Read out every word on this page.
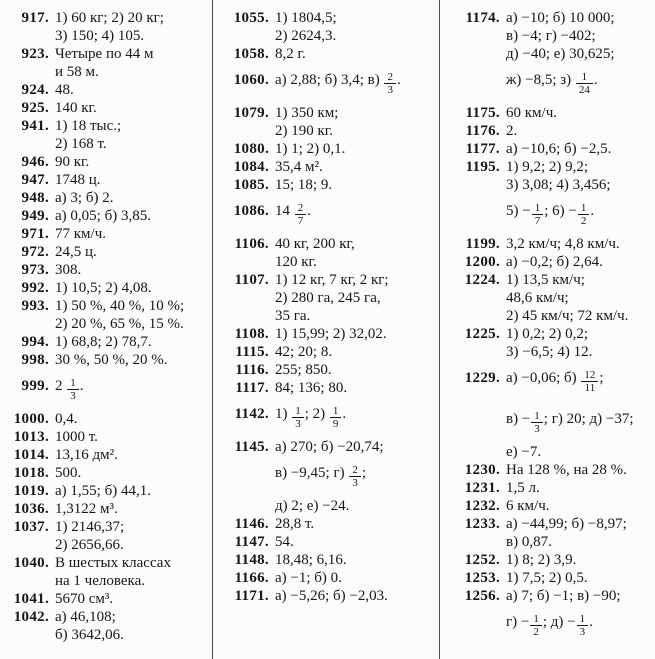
917. 1) 60 кг; 2) 20 кг;
3) 150; 4) 105.
923. Четыре по 44 м
и 58 м.
924. 48.
925. 140 кг.
941. 1) 18 тыс.;
2) 168 т.
946. 90 кг.
947. 1748 ц.
948. а) 3; б) 2.
949. а) 0,05; б) 3,85.
971. 77 км/ч.
972. 24,5 ц.
973. 308.
992. 1) 10,5; 2) 4,08.
993. 1) 50 %, 40 %, 10 %;
2) 20 %, 65 %, 15 %.
994. 1) 68,8; 2) 78,7.
998. 30 %, 50 %, 20 %.
999. $2 \frac{1}{3}$ .
1000. 0,4.
1013. 1000 т.
1014. 13,16 дм².
1018. 500.
1019. а) 1,55; б) 44,1.
1036. 1,3122 м³.
1037. 1) 2146,37;
2) 2656,66.
1040. В шестых классах
на 1 человека.
1041. 5670 см³.
1042. а) 46,108;
б) 3642,06.
1055. 1) 1804,5;
2) 2624,3.
1058. 8,2 г.
1060. а) 2,88; б) 3,4; $в) \frac{2}{3}$ .
1079. 1) 350 км;
2) 190 кг.
1080. 1) 1; 2) 0,1.
1084. 35,4 м².
1085. 15; 18; 9.
1086. $14 \frac{2}{7}$ .
1106. 40 кг, 200 кг,
120 кг.
1107. 1) 12 кг, 7 кг, 2 кг;
2) 280 га, 245 га,
35 га.
1108. 1) 15,99; 2) 32,02.
1115. 42; 20; 8.
1116. 255; 850.
1117. 84; 136; 80.
1142. $1) \frac{1}{3}$ ; $2) \frac{1}{9}$ .
1145. а) 270; б) −20,74;
в) −9,45; $г) \frac{2}{3}$ ;
д) 2; е) −24.
1146. 28,8 т.
1147. 54.
1148. 18,48; 6,16.
1166. а) −1; б) 0.
1171. а) −5,26; б) −2,03.
1174. а) −10; б) 10 000;
в) −4; г) −402;
д) −40; е) 30,625;
ж) −8,5; $з) \frac{1}{24}$ .
1175. 60 км/ч.
1176. 2.
1177. а) −10,6; б) −2,5.
1195. 1) 9,2; 2) 9,2;
3) 3,08; 4) 3,456;
$5) - \frac{1}{7}$ ; $6) - \frac{1}{2}$ .
1199. 3,2 км/ч; 4,8 км/ч.
1200. а) −0,2; б) 2,64.
1224. 1) 13,5 км/ч;
48,6 км/ч;
2) 45 км/ч; 72 км/ч.
1225. 1) 0,2; 2) 0,2;
3) −6,5; 4) 12.
1229. а) −0,06; $б) \frac{12}{11}$ ;
$в) - \frac{1}{3}$ ; г) 20; д) −37;
е) −7.
1230. На 128 %, на 28 %.
1231. 1,5 л.
1232. 6 км/ч.
1233. а) −44,99; б) −8,97;
в) 0,87.
1252. 1) 8; 2) 3,9.
1253. 1) 7,5; 2) 0,5.
1256. а) 7; б) −1; в) −90;
$г) - \frac{1}{2}$ ; $д) - \frac{1}{3}$ .
